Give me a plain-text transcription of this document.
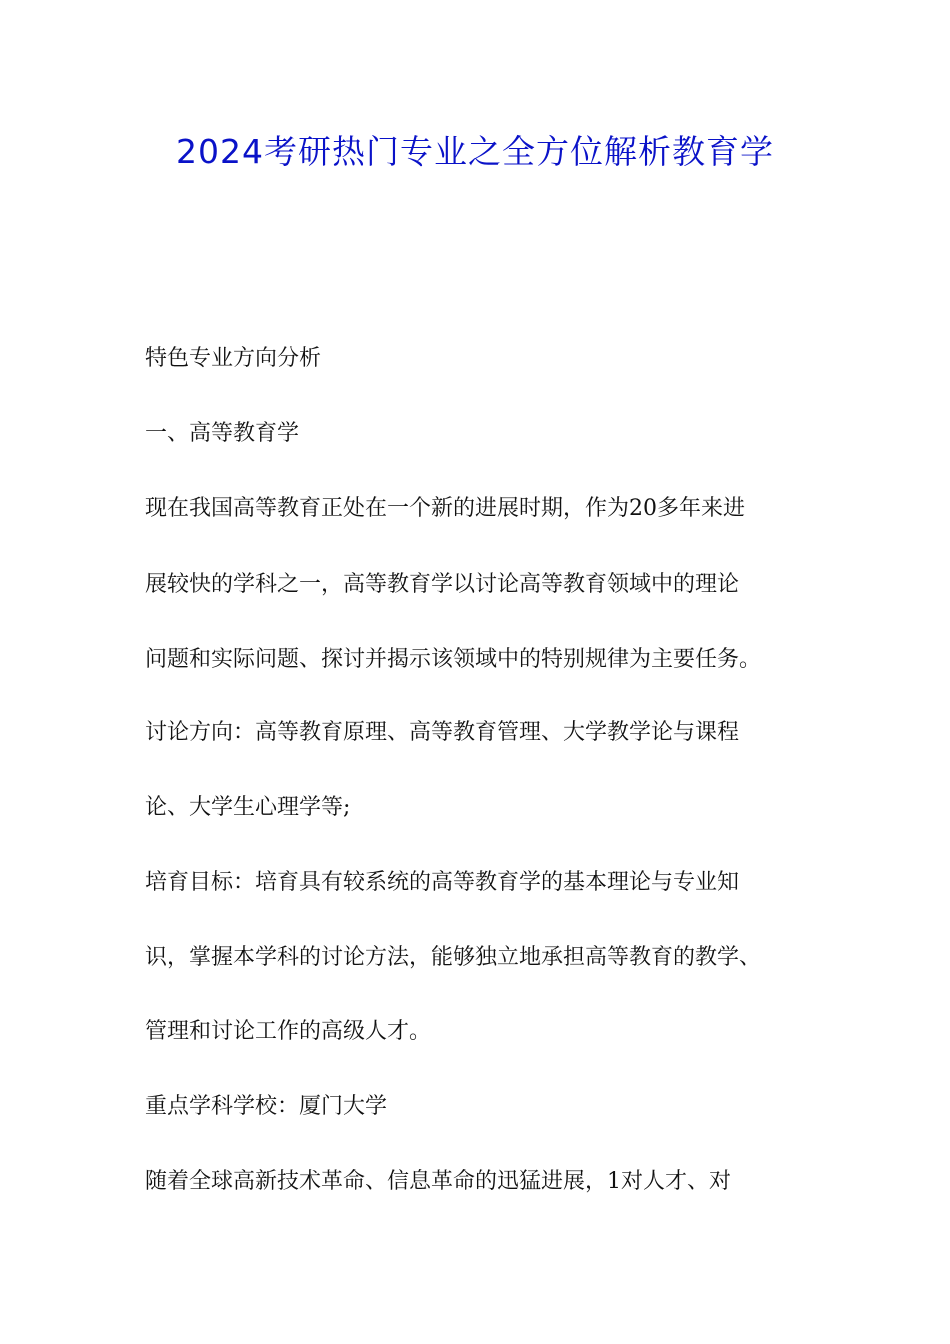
2024考研热门专业之全方位解析教育学
特色专业方向分析
一、高等教育学
现在我国高等教育正处在一个新的进展时期，作为20多年来进
展较快的学科之一，高等教育学以讨论高等教育领域中的理论
问题和实际问题、探讨并揭示该领域中的特别规律为主要任务。
讨论方向：高等教育原理、高等教育管理、大学教学论与课程
论、大学生心理学等;
培育目标：培育具有较系统的高等教育学的基本理论与专业知
识，掌握本学科的讨论方法，能够独立地承担高等教育的教学、
管理和讨论工作的高级人才。
重点学科学校：厦门大学
随着全球高新技术革命、信息革命的迅猛进展，1对人才、对
